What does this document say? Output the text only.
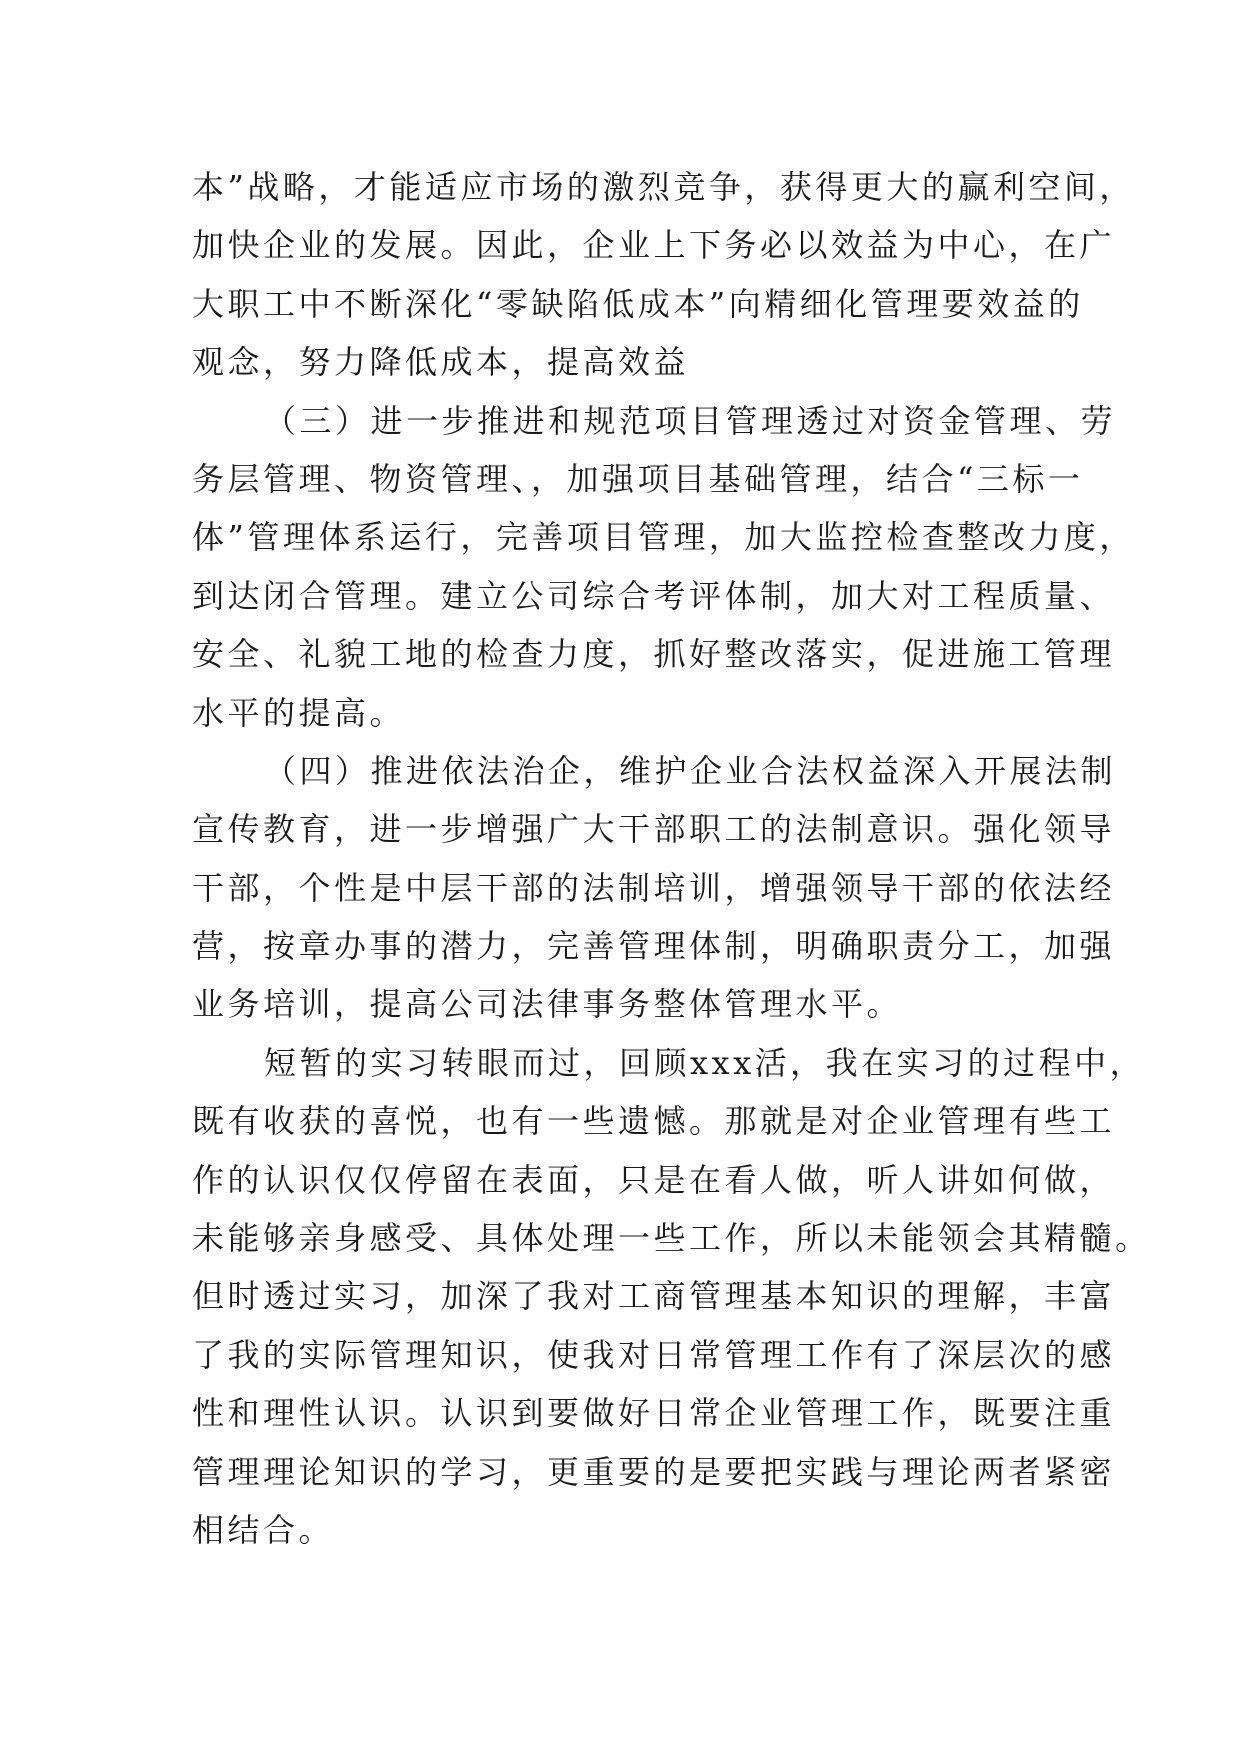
本”战略，才能适应市场的激烈竞争，获得更大的赢利空间，
加快企业的发展。因此，企业上下务必以效益为中心，在广
大职工中不断深化“零缺陷低成本”向精细化管理要效益的
观念，努力降低成本，提高效益
（三）进一步推进和规范项目管理透过对资金管理、劳
务层管理、物资管理、，加强项目基础管理，结合“三标一
体”管理体系运行，完善项目管理，加大监控检查整改力度，
到达闭合管理。建立公司综合考评体制，加大对工程质量、
安全、礼貌工地的检查力度，抓好整改落实，促进施工管理
水平的提高。
（四）推进依法治企，维护企业合法权益深入开展法制
宣传教育，进一步增强广大干部职工的法制意识。强化领导
干部，个性是中层干部的法制培训，增强领导干部的依法经
营，按章办事的潜力，完善管理体制，明确职责分工，加强
业务培训，提高公司法律事务整体管理水平。
短暂的实习转眼而过，回顾xxx活，我在实习的过程中，
既有收获的喜悦，也有一些遗憾。那就是对企业管理有些工
作的认识仅仅停留在表面，只是在看人做，听人讲如何做，
未能够亲身感受、具体处理一些工作，所以未能领会其精髓。
但时透过实习，加深了我对工商管理基本知识的理解，丰富
了我的实际管理知识，使我对日常管理工作有了深层次的感
性和理性认识。认识到要做好日常企业管理工作，既要注重
管理理论知识的学习，更重要的是要把实践与理论两者紧密
相结合。
